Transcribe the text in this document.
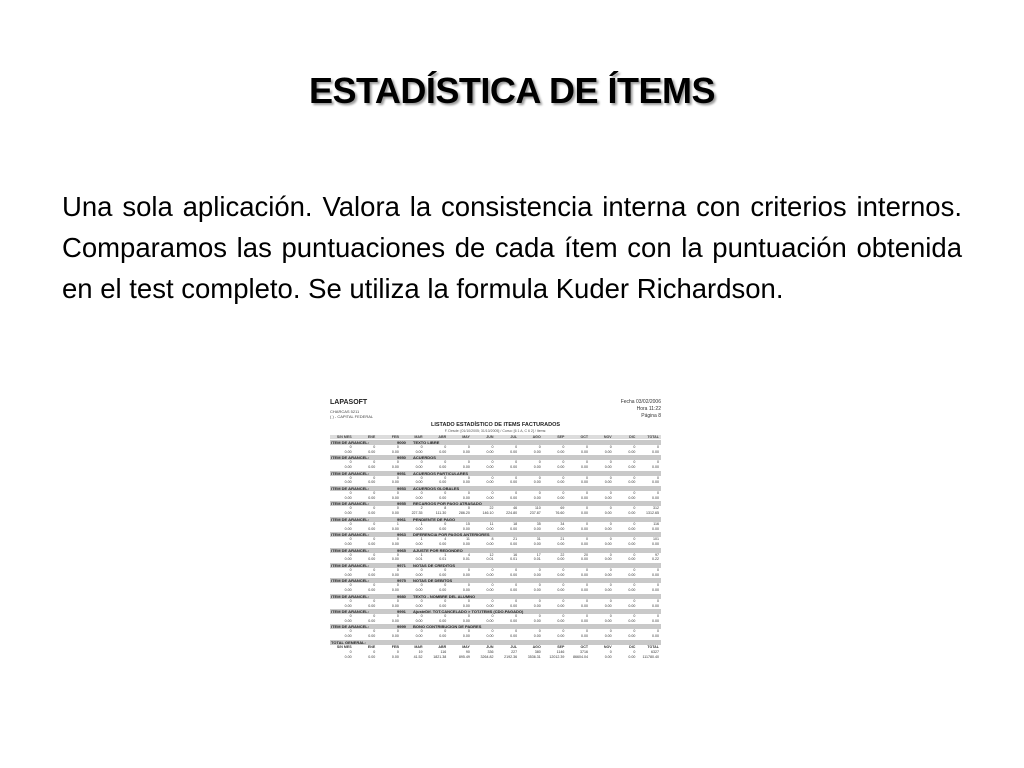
ESTADÍSTICA DE ÍTEMS
Una sola aplicación. Valora la consistencia interna con criterios internos. Comparamos las puntuaciones de cada ítem con la puntuación obtenida en el test completo. Se utiliza la formula Kuder Richardson.
LAPASOFT
CHARCAS 5211
( ) - CAPITAL FEDERAL
Fecha 03/02/2006
Hora 11:22
Página 8
LISTADO ESTADÍSTICO DE ITEMS FACTURADOS
F. Desde: [01/10/2005; 31/10/2005] / Curso: [6 1 A, C 6 2] / Items:
S/N MES	ENE	FEB	MAR	ABR	MAY	JUN	JUL	AGO	SEP	OCT	NOV	DIC	TOTAL
ITEM DE ARANCEL:	9000	TEXTO LIBRE
0	0	0	0	0	0	0	0	0	0	0	0	0	0
0.00	0.00	0.00	0.00	0.00	0.00	0.00	0.00	0.00	0.00	0.00	0.00	0.00	0.00
ITEM DE ARANCEL:	9950	ACUERDOS
0	0	0	0	0	0	0	0	0	0	0	0	0	0
0.00	0.00	0.00	0.00	0.00	0.00	0.00	0.00	0.00	0.00	0.00	0.00	0.00	0.00
ITEM DE ARANCEL:	9951	ACUERDOS PARTICULARES
0	0	0	0	0	0	0	0	0	0	0	0	0	0
0.00	0.00	0.00	0.00	0.00	0.00	0.00	0.00	0.00	0.00	0.00	0.00	0.00	0.00
ITEM DE ARANCEL:	9953	ACUERDOS GLOBALES
0	0	0	0	0	0	0	0	0	0	0	0	0	0
0.00	0.00	0.00	0.00	0.00	0.00	0.00	0.00	0.00	0.00	0.00	0.00	0.00	0.00
ITEM DE ARANCEL:	9955	RECARGOS POR PAGO ATRASADO
0	0	0	2	8	0	22	46	110	69	0	0	0	312
0.00	0.00	0.00	227.35	111.30	286.20	146.10	224.80	237.87	76.60	0.00	0.00	0.00	1312.65
ITEM DE ARANCEL:	9961	PENDIENTE DE PAGO
0	0	1	1	0	15	11	18	35	34	0	0	0	116
0.00	0.00	0.00	0.00	0.00	0.00	0.00	0.00	0.00	0.00	0.00	0.00	0.00	0.00
ITEM DE ARANCEL:	9963	DIFERENCIA POR PAGOS ANTERIORES
0	0	0	1	4	11	8	21	31	21	0	0	0	101
0.00	0.00	0.00	0.00	0.00	0.00	0.00	0.00	0.00	0.00	0.00	0.00	0.00	0.00
ITEM DE ARANCEL:	9965	AJUSTE POR REDONDEO
0	0	0	1	1	4	12	16	17	22	20	0	0	97
0.00	0.00	0.00	0.01	0.01	0.01	0.01	0.01	0.01	0.00	0.00	0.00	0.00	0.22
ITEM DE ARANCEL:	9971	NOTAS DE CREDITOS
0	0	0	0	0	0	0	0	0	0	0	0	0	0
0.00	0.00	0.00	0.00	0.00	0.00	0.00	0.00	0.00	0.00	0.00	0.00	0.00	0.00
ITEM DE ARANCEL:	9975	NOTAS DE DEBITOS
0	0	0	0	0	0	0	0	0	0	0	0	0	0
0.00	0.00	0.00	0.00	0.00	0.00	0.00	0.00	0.00	0.00	0.00	0.00	0.00	0.00
ITEM DE ARANCEL:	9980	TEXTO - NOMBRE DEL ALUMNO
0	0	0	0	0	0	0	0	0	0	0	0	0	0
0.00	0.00	0.00	0.00	0.00	0.00	0.00	0.00	0.00	0.00	0.00	0.00	0.00	0.00
ITEM DE ARANCEL:	9991	AjusteDif. TOT.CANCELADO > TOT.ITEMS (CDO.PAGADO)
0	0	0	0	0	0	0	0	0	0	0	0	0	0
0.00	0.00	0.00	0.00	0.00	0.00	0.00	0.00	0.00	0.00	0.00	0.00	0.00	0.00
ITEM DE ARANCEL:	9999	BONO CONTRIBUCION DE PADRES
0	0	0	0	0	0	0	0	0	0	0	0	0	0
0.00	0.00	0.00	0.00	0.00	0.00	0.00	0.00	0.00	0.00	0.00	0.00	0.00	0.00
TOTAL GENERAL:
S/N MES	ENE	FEB	MAR	ABR	MAY	JUN	JUL	AGO	SEP	OCT	NOV	DIC	TOTAL
0	0	0	19	116	90	336	227	380	1146	3716	0	0	6327
0.00	0.00	0.00	41.52	1821.38	895.49	3264.82	2192.36	3536.31	12012.39	86604.04	0.00	0.00	111780.40
